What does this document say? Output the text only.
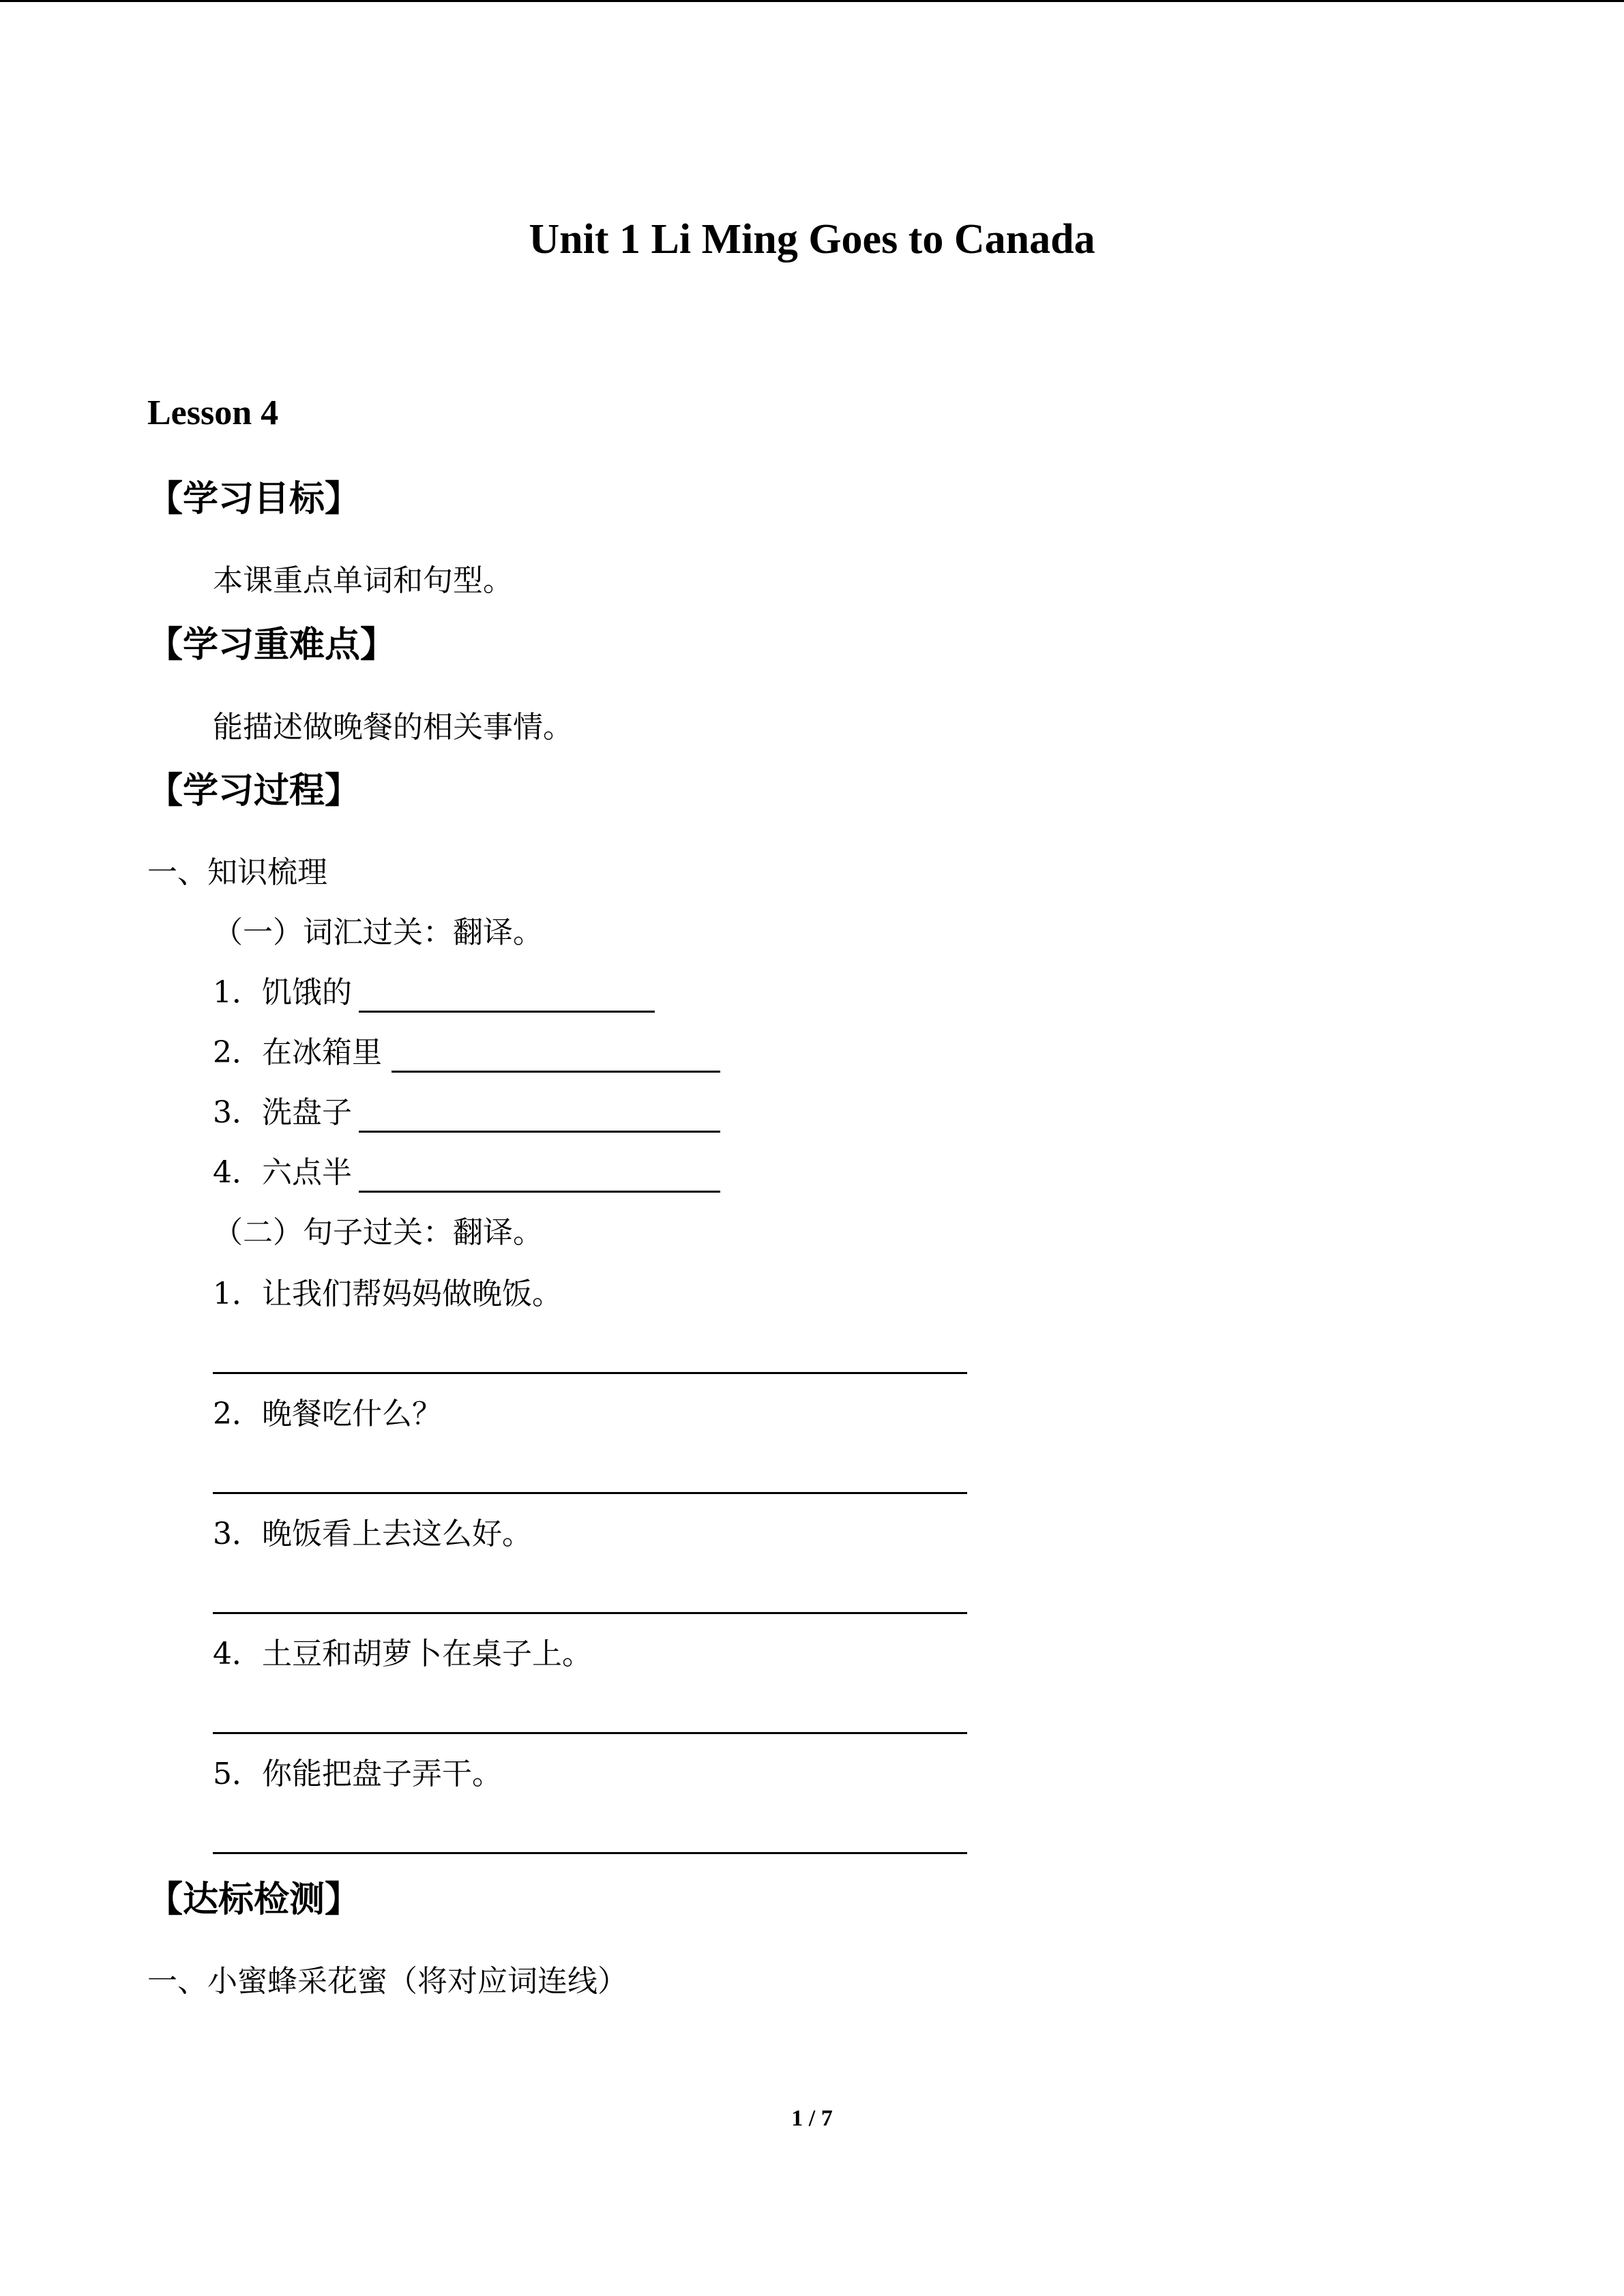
Unit 1 Li Ming Goes to Canada
Lesson 4
【学习目标】
本课重点单词和句型。
【学习重难点】
能描述做晚餐的相关事情。
【学习过程】
一、知识梳理
（一）词汇过关：翻译。
1．饥饿的
2．在冰箱里
3．洗盘子
4．六点半
（二）句子过关：翻译。
1．让我们帮妈妈做晚饭。
2．晚餐吃什么？
3．晚饭看上去这么好。
4．土豆和胡萝卜在桌子上。
5．你能把盘子弄干。
【达标检测】
一、小蜜蜂采花蜜（将对应词连线）
1 / 7
